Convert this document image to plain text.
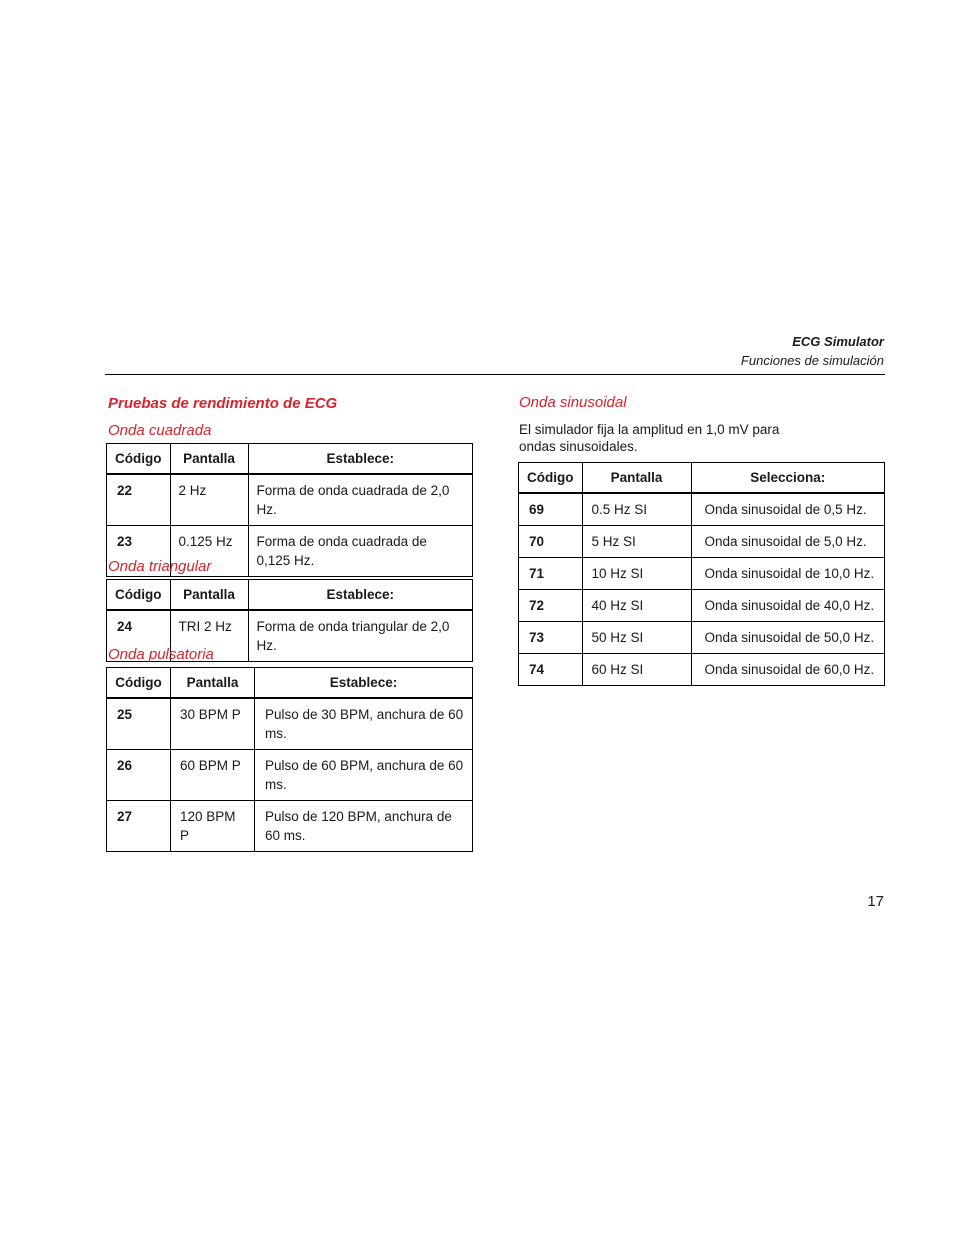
ECG Simulator
Funciones de simulación
Pruebas de rendimiento de ECG
Onda cuadrada
Código	Pantalla	Establece:
22	2 Hz	Forma de onda cuadrada de 2,0 Hz.
23	0.125 Hz	Forma de onda cuadrada de 0,125 Hz.
Onda triangular
Código	Pantalla	Establece:
24	TRI 2 Hz	Forma de onda triangular de 2,0 Hz.
Onda pulsatoria
Código	Pantalla	Establece:
25	30 BPM P	Pulso de 30 BPM, anchura de 60 ms.
26	60 BPM P	Pulso de 60 BPM, anchura de 60 ms.
27	120 BPM P	Pulso de 120 BPM, anchura de 60 ms.
Onda sinusoidal
El simulador fija la amplitud en 1,0 mV para ondas sinusoidales.
Código	Pantalla	Selecciona:
69	0.5 Hz SI	Onda sinusoidal de 0,5 Hz.
70	5 Hz SI	Onda sinusoidal de 5,0 Hz.
71	10 Hz SI	Onda sinusoidal de 10,0 Hz.
72	40 Hz SI	Onda sinusoidal de 40,0 Hz.
73	50 Hz SI	Onda sinusoidal de 50,0 Hz.
74	60 Hz SI	Onda sinusoidal de 60,0 Hz.
17
